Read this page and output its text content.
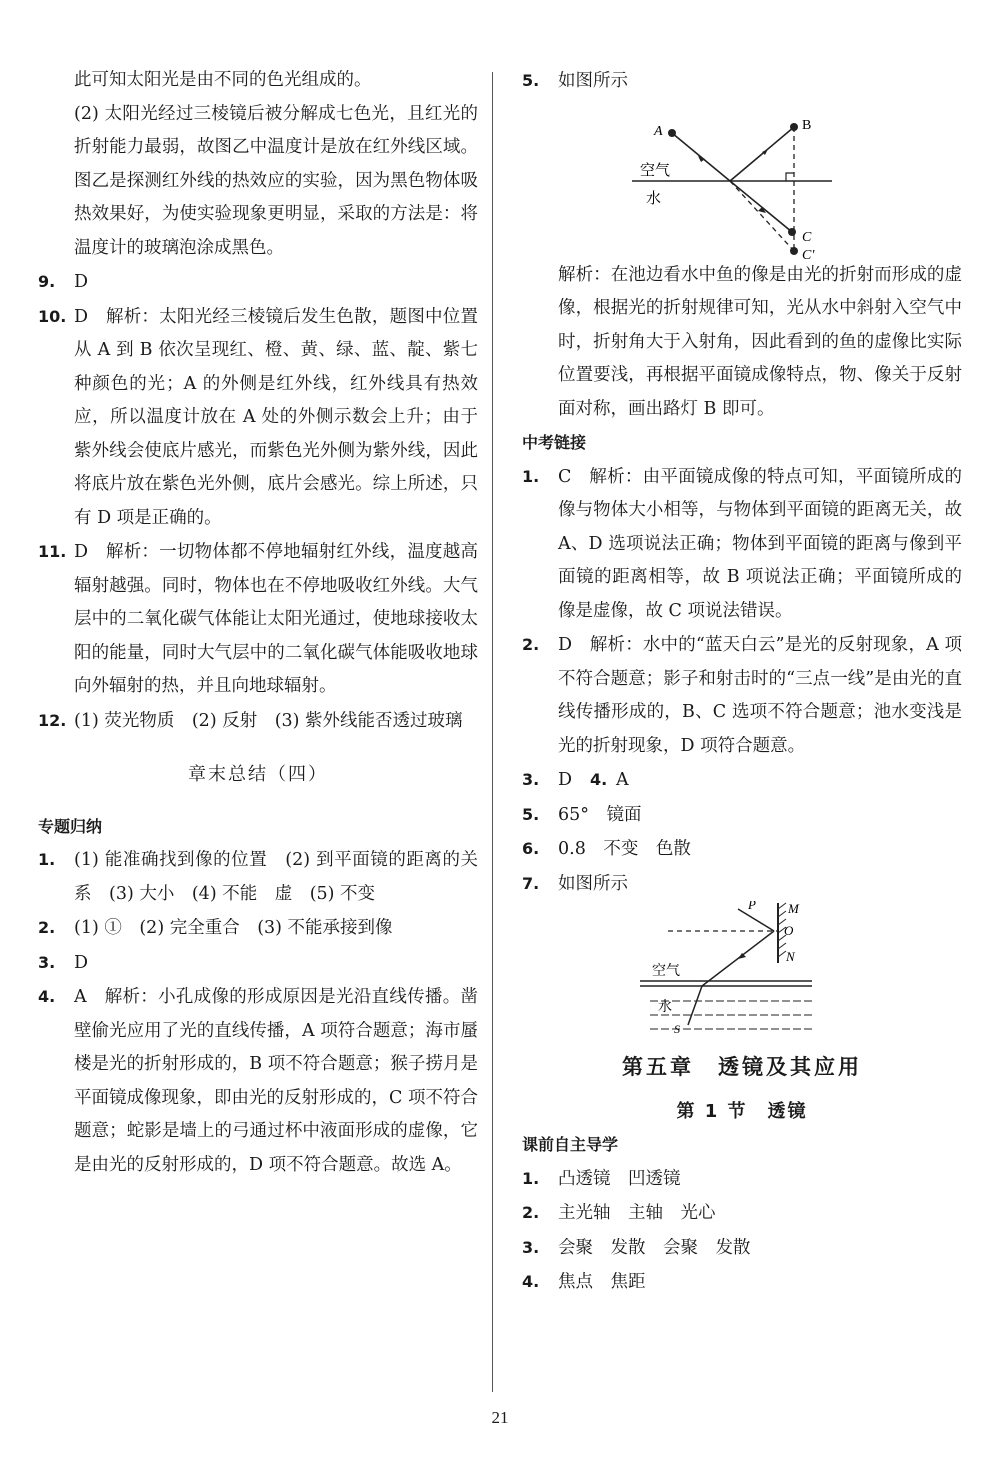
此可知太阳光是由不同的色光组成的。

(2) 太阳光经过三棱镜后被分解成七色光，且红光的折射能力最弱，故图乙中温度计是放在红外线区域。图乙是探测红外线的热效应的实验，因为黑色物体吸热效果好，为使实验现象更明显，采取的方法是：将温度计的玻璃泡涂成黑色。

9. D

10. D　解析：太阳光经三棱镜后发生色散，题图中位置从 A 到 B 依次呈现红、橙、黄、绿、蓝、靛、紫七种颜色的光；A 的外侧是红外线，红外线具有热效应，所以温度计放在 A 处的外侧示数会上升；由于紫外线会使底片感光，而紫色光外侧为紫外线，因此将底片放在紫色光外侧，底片会感光。综上所述，只有 D 项是正确的。

11. D　解析：一切物体都不停地辐射红外线，温度越高辐射越强。同时，物体也在不停地吸收红外线。大气层中的二氧化碳气体能让太阳光通过，使地球接收太阳的能量，同时大气层中的二氧化碳气体能吸收地球向外辐射的热，并且向地球辐射。

12. (1) 荧光物质　(2) 反射　(3) 紫外线能否透过玻璃

章末总结（四）

专题归纳

1. (1) 能准确找到像的位置　(2) 到平面镜的距离的关系　(3) 大小　(4) 不能　虚　(5) 不变

2. (1) ①　(2) 完全重合　(3) 不能承接到像

3. D

4. A　解析：小孔成像的形成原因是光沿直线传播。凿壁偷光应用了光的直线传播，A 项符合题意；海市蜃楼是光的折射形成的，B 项不符合题意；猴子捞月是平面镜成像现象，即由光的反射形成的，C 项不符合题意；蛇影是墙上的弓通过杯中液面形成的虚像，它是由光的反射形成的，D 项不符合题意。故选 A。

5. 如图所示

A	B
C
C′
空气
水

解析：在池边看水中鱼的像是由光的折射而形成的虚像，根据光的折射规律可知，光从水中斜射入空气中时，折射角大于入射角，因此看到的鱼的虚像比实际位置要浅，再根据平面镜成像特点，物、像关于反射面对称，画出路灯 B 即可。

中考链接

1. C　解析：由平面镜成像的特点可知，平面镜所成的像与物体大小相等，与物体到平面镜的距离无关，故 A、D 选项说法正确；物体到平面镜的距离与像到平面镜的距离相等，故 B 项说法正确；平面镜所成的像是虚像，故 C 项说法错误。

2. D　解析：水中的“蓝天白云”是光的反射现象，A 项不符合题意；影子和射击时的“三点一线”是由光的直线传播形成的，B、C 选项不符合题意；池水变浅是光的折射现象，D 项符合题意。

3. D 4. A

5. 65°　镜面

6. 0.8　不变　色散

7. 如图所示

P M
O
N
空气
水
S

第五章　透镜及其应用

第 1 节　透镜

课前自主导学

1. 凸透镜　凹透镜

2. 主光轴　主轴　光心

3. 会聚　发散　会聚　发散

4. 焦点　焦距

21
